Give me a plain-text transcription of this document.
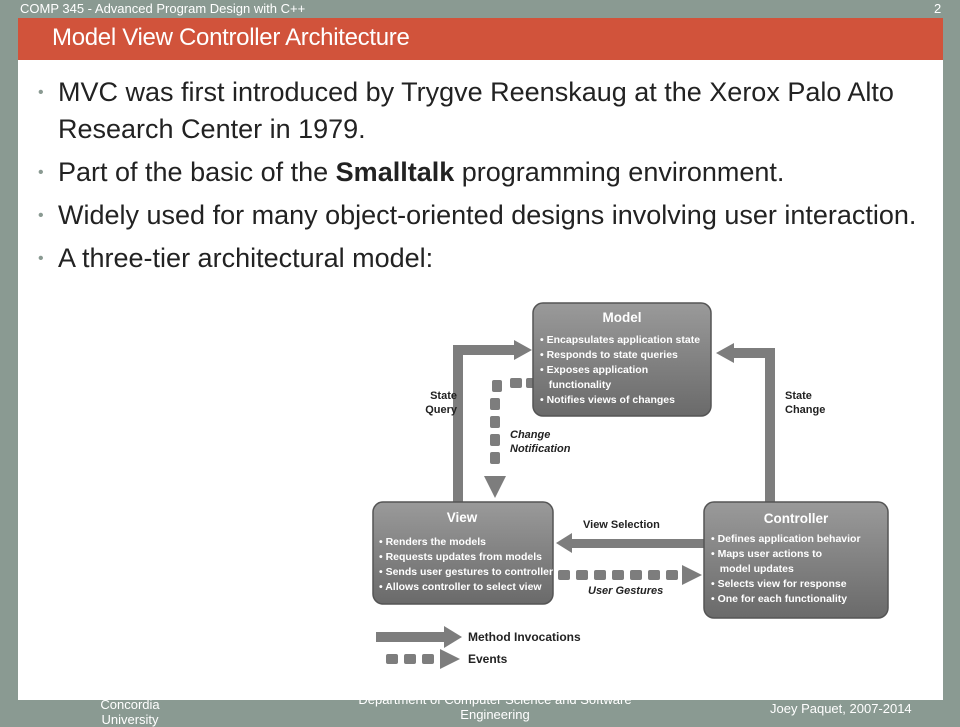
COMP 345 - Advanced Program Design with C++	2
Model View Controller Architecture
• MVC was first introduced by Trygve Reenskaug at the Xerox Palo Alto Research Center in 1979.
• Part of the basic of the Smalltalk programming environment.
• Widely used for many object-oriented designs involving user interaction.
• A three-tier architectural model:
Model
• Encapsulates application state
• Responds to state queries
• Exposes application
functionality
• Notifies views of changes
View
• Renders the models
• Requests updates from models
• Sends user gestures to controller
• Allows controller to select view
Controller
• Defines application behavior
• Maps user actions to
model updates
• Selects view for response
• One for each functionality
State
Query
State
Change
Change
Notification
View Selection
User Gestures
Method Invocations
Events
Concordia
University
Department of Computer Science and Software
Engineering	Joey Paquet, 2007-2014
